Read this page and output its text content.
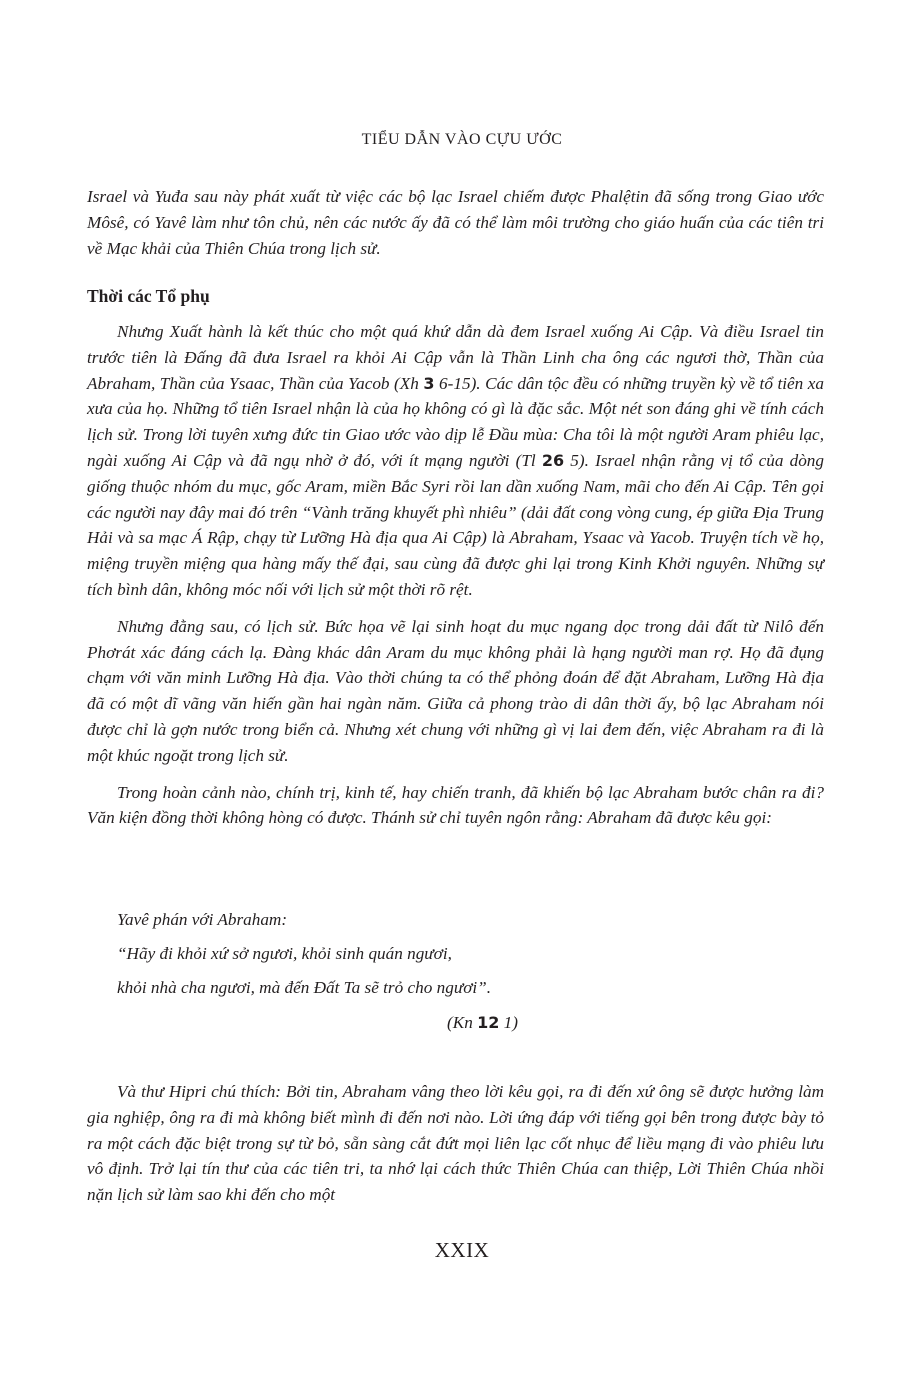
TIỂU DẪN VÀO CỰU ƯỚC

Israel và Yuđa sau này phát xuất từ việc các bộ lạc Israel chiếm được Phalệtin đã sống trong Giao ước Môsê, có Yavê làm như tôn chủ, nên các nước ấy đã có thể làm môi trường cho giáo huấn của các tiên tri về Mạc khải của Thiên Chúa trong lịch sử.

Thời các Tổ phụ

Nhưng Xuất hành là kết thúc cho một quá khứ dẫn dà đem Israel xuống Ai Cập. Và điều Israel tin trước tiên là Đấng đã đưa Israel ra khỏi Ai Cập vẫn là Thần Linh cha ông các ngươi thờ, Thần của Abraham, Thần của Ysaac, Thần của Yacob (Xh 3 6-15). Các dân tộc đều có những truyền kỳ về tổ tiên xa xưa của họ. Những tổ tiên Israel nhận là của họ không có gì là đặc sắc. Một nét son đáng ghi về tính cách lịch sử. Trong lời tuyên xưng đức tin Giao ước vào dịp lễ Đầu mùa: Cha tôi là một người Aram phiêu lạc, ngài xuống Ai Cập và đã ngụ nhờ ở đó, với ít mạng người (Tl 26 5). Israel nhận rằng vị tổ của dòng giống thuộc nhóm du mục, gốc Aram, miền Bắc Syri rồi lan dần xuống Nam, mãi cho đến Ai Cập. Tên gọi các người nay đây mai đó trên “Vành trăng khuyết phì nhiêu” (dải đất cong vòng cung, ép giữa Địa Trung Hải và sa mạc Á Rập, chạy từ Lưỡng Hà địa qua Ai Cập) là Abraham, Ysaac và Yacob. Truyện tích về họ, miệng truyền miệng qua hàng mấy thế đại, sau cùng đã được ghi lại trong Kinh Khởi nguyên. Những sự tích bình dân, không móc nối với lịch sử một thời rõ rệt.

Nhưng đằng sau, có lịch sử. Bức họa vẽ lại sinh hoạt du mục ngang dọc trong dải đất từ Nilô đến Phơrát xác đáng cách lạ. Đàng khác dân Aram du mục không phải là hạng người man rợ. Họ đã đụng chạm với văn minh Lưỡng Hà địa. Vào thời chúng ta có thể phỏng đoán để đặt Abraham, Lưỡng Hà địa đã có một dĩ vãng văn hiến gần hai ngàn năm. Giữa cả phong trào di dân thời ấy, bộ lạc Abraham nói được chỉ là gợn nước trong biển cả. Nhưng xét chung với những gì vị lai đem đến, việc Abraham ra đi là một khúc ngoặt trong lịch sử.

Trong hoàn cảnh nào, chính trị, kinh tế, hay chiến tranh, đã khiến bộ lạc Abraham bước chân ra đi? Văn kiện đồng thời không hòng có được. Thánh sử chỉ tuyên ngôn rằng: Abraham đã được kêu gọi:

Yavê phán với Abraham:
“Hãy đi khỏi xứ sở ngươi, khỏi sinh quán ngươi,
khỏi nhà cha ngươi, mà đến Đất Ta sẽ trỏ cho ngươi”.
(Kn 12 1)

Và thư Hipri chú thích: Bởi tin, Abraham vâng theo lời kêu gọi, ra đi đến xứ ông sẽ được hưởng làm gia nghiệp, ông ra đi mà không biết mình đi đến nơi nào. Lời ứng đáp với tiếng gọi bên trong được bày tỏ ra một cách đặc biệt trong sự từ bỏ, sẵn sàng cắt đứt mọi liên lạc cốt nhục để liều mạng đi vào phiêu lưu vô định. Trở lại tín thư của các tiên tri, ta nhớ lại cách thức Thiên Chúa can thiệp, Lời Thiên Chúa nhồi nặn lịch sử làm sao khi đến cho một

XXIX
